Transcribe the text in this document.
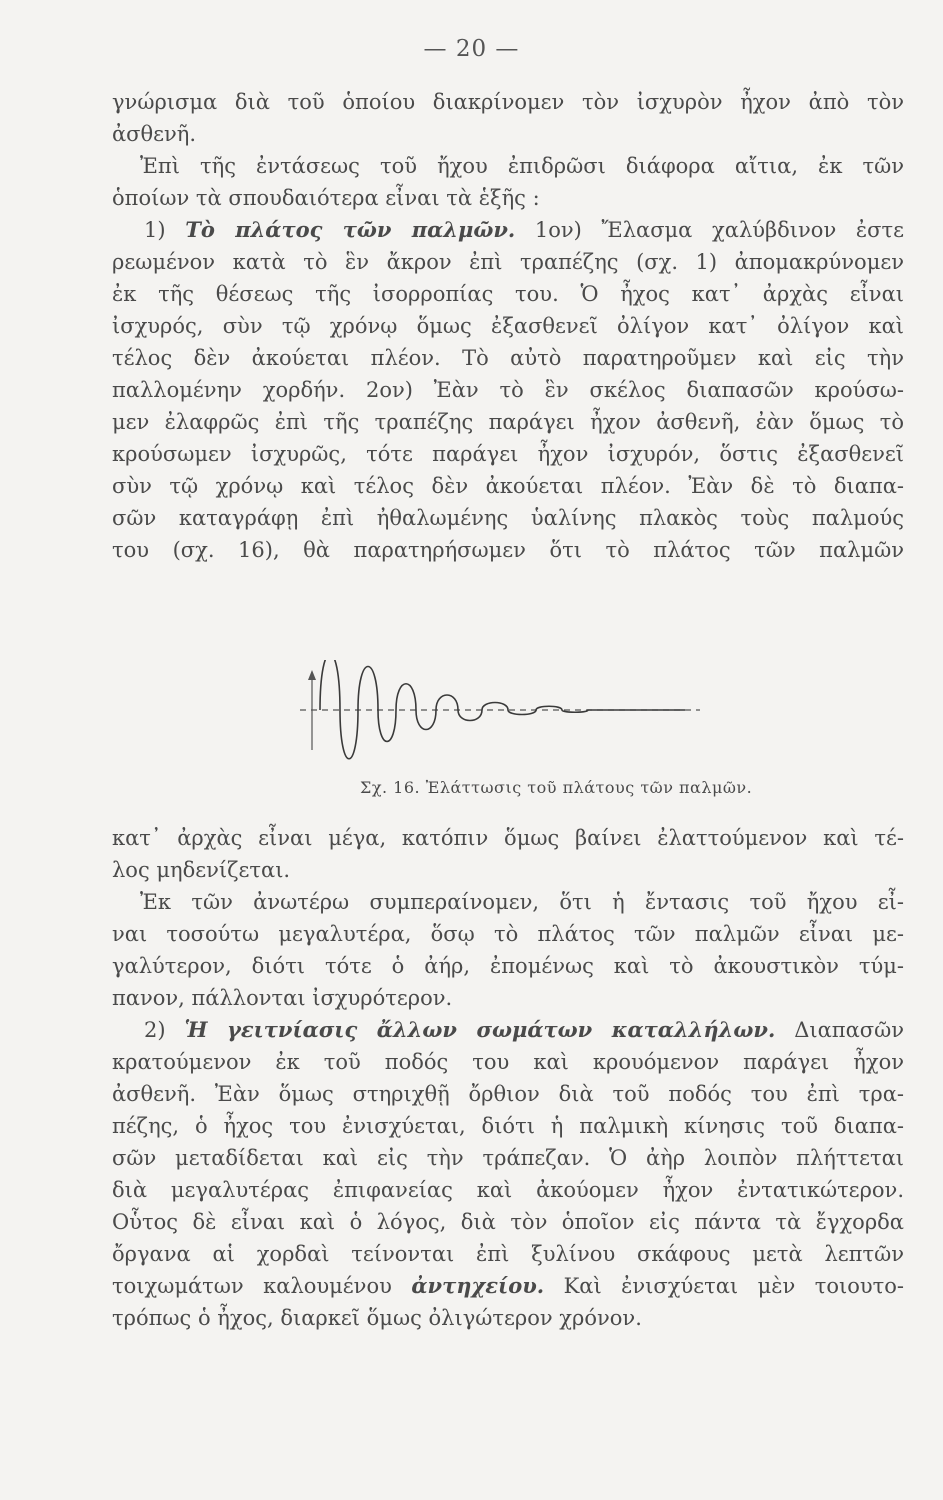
— 20 —
γνώρισμα διὰ τοῦ ὁποίου διακρίνομεν τὸν ἰσχυρὸν ἦχον ἀπὸ τὸν
ἀσθενῆ.
Ἐπὶ τῆς ἐντάσεως τοῦ ἤχου ἐπιδρῶσι διάφορα αἴτια, ἐκ τῶν
ὁποίων τὰ σπουδαιότερα εἶναι τὰ ἑξῆς :
1) Τὸ πλάτος τῶν παλμῶν. 1ον) Ἔλασμα χαλύβδινον ἐστε
ρεωμένον κατὰ τὸ ἓν ἄκρον ἐπὶ τραπέζης (σχ. 1) ἀπομακρύνομεν
ἐκ τῆς θέσεως τῆς ἰσορροπίας του. Ὁ ἦχος κατ᾽ ἀρχὰς εἶναι
ἰσχυρός, σὺν τῷ χρόνῳ ὅμως ἐξασθενεῖ ὀλίγον κατ᾽ ὀλίγον καὶ
τέλος δὲν ἀκούεται πλέον. Τὸ αὐτὸ παρατηροῦμεν καὶ εἰς τὴν
παλλομένην χορδήν. 2ον) Ἐὰν τὸ ἓν σκέλος διαπασῶν κρούσω-
μεν ἐλαφρῶς ἐπὶ τῆς τραπέζης παράγει ἦχον ἀσθενῆ, ἐὰν ὅμως τὸ
κρούσωμεν ἰσχυρῶς, τότε παράγει ἦχον ἰσχυρόν, ὅστις ἐξασθενεῖ
σὺν τῷ χρόνῳ καὶ τέλος δὲν ἀκούεται πλέον. Ἐὰν δὲ τὸ διαπα-
σῶν καταγράφῃ ἐπὶ ἠθαλωμένης ὑαλίνης πλακὸς τοὺς παλμούς
του (σχ. 16), θὰ παρατηρήσωμεν ὅτι τὸ πλάτος τῶν παλμῶν
Σχ. 16. Ἐλάττωσις τοῦ πλάτους τῶν παλμῶν.
κατ᾽ ἀρχὰς εἶναι μέγα, κατόπιν ὅμως βαίνει ἐλαττούμενον καὶ τέ-
λος μηδενίζεται.
Ἐκ τῶν ἀνωτέρω συμπεραίνομεν, ὅτι ἡ ἔντασις τοῦ ἤχου εἶ-
ναι τοσούτω μεγαλυτέρα, ὅσῳ τὸ πλάτος τῶν παλμῶν εἶναι με-
γαλύτερον, διότι τότε ὁ ἀήρ, ἐπομένως καὶ τὸ ἀκουστικὸν τύμ-
πανον, πάλλονται ἰσχυρότερον.
2) Ἡ γειτνίασις ἄλλων σωμάτων καταλλήλων. Διαπασῶν
κρατούμενον ἐκ τοῦ ποδός του καὶ κρουόμενον παράγει ἦχον
ἀσθενῆ. Ἐὰν ὅμως στηριχθῇ ὄρθιον διὰ τοῦ ποδός του ἐπὶ τρα-
πέζης, ὁ ἦχος του ἐνισχύεται, διότι ἡ παλμικὴ κίνησις τοῦ διαπα-
σῶν μεταδίδεται καὶ εἰς τὴν τράπεζαν. Ὁ ἀὴρ λοιπὸν πλήττεται
διὰ μεγαλυτέρας ἐπιφανείας καὶ ἀκούομεν ἦχον ἐντατικώτερον.
Οὗτος δὲ εἶναι καὶ ὁ λόγος, διὰ τὸν ὁποῖον εἰς πάντα τὰ ἔγχορδα
ὄργανα αἱ χορδαὶ τείνονται ἐπὶ ξυλίνου σκάφους μετὰ λεπτῶν
τοιχωμάτων καλουμένου ἀντηχείου. Καὶ ἐνισχύεται μὲν τοιουτο-
τρόπως ὁ ἦχος, διαρκεῖ ὅμως ὀλιγώτερον χρόνον.
